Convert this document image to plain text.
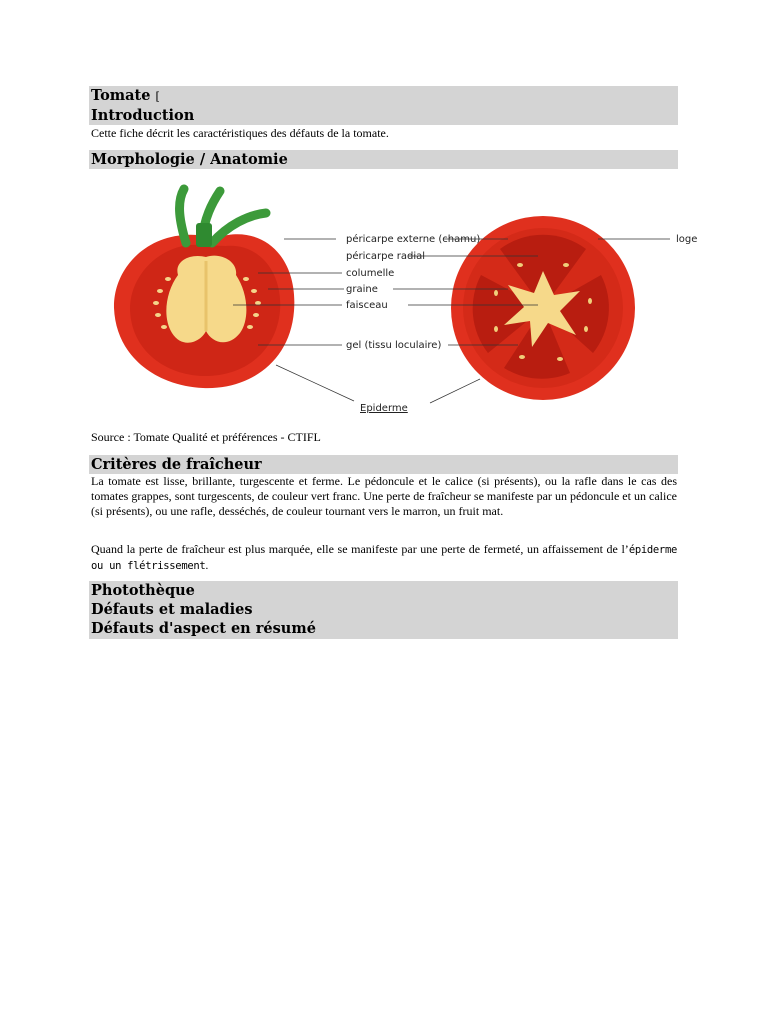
Tomate [
Introduction
Cette fiche décrit les caractéristiques des défauts de la tomate.
Morphologie / Anatomie
péricarpe externe (chamu)
péricarpe radial
columelle
graine
faisceau
gel (tissu loculaire)
loge
Epiderme
Source : Tomate Qualité et préférences - CTIFL
Critères de fraîcheur
La tomate est lisse, brillante, turgescente et ferme. Le pédoncule et le calice (si présents), ou la rafle dans le cas des tomates grappes, sont turgescents, de couleur vert franc. Une perte de fraîcheur se manifeste par un pédoncule et un calice (si présents), ou une rafle, desséchés, de couleur tournant vers le marron, un fruit mat.
Quand la perte de fraîcheur est plus marquée, elle se manifeste par une perte de fermeté, un affaissement de l’épiderme ou un flétrissement.
Photothèque
Défauts et maladies
Défauts d'aspect en résumé
